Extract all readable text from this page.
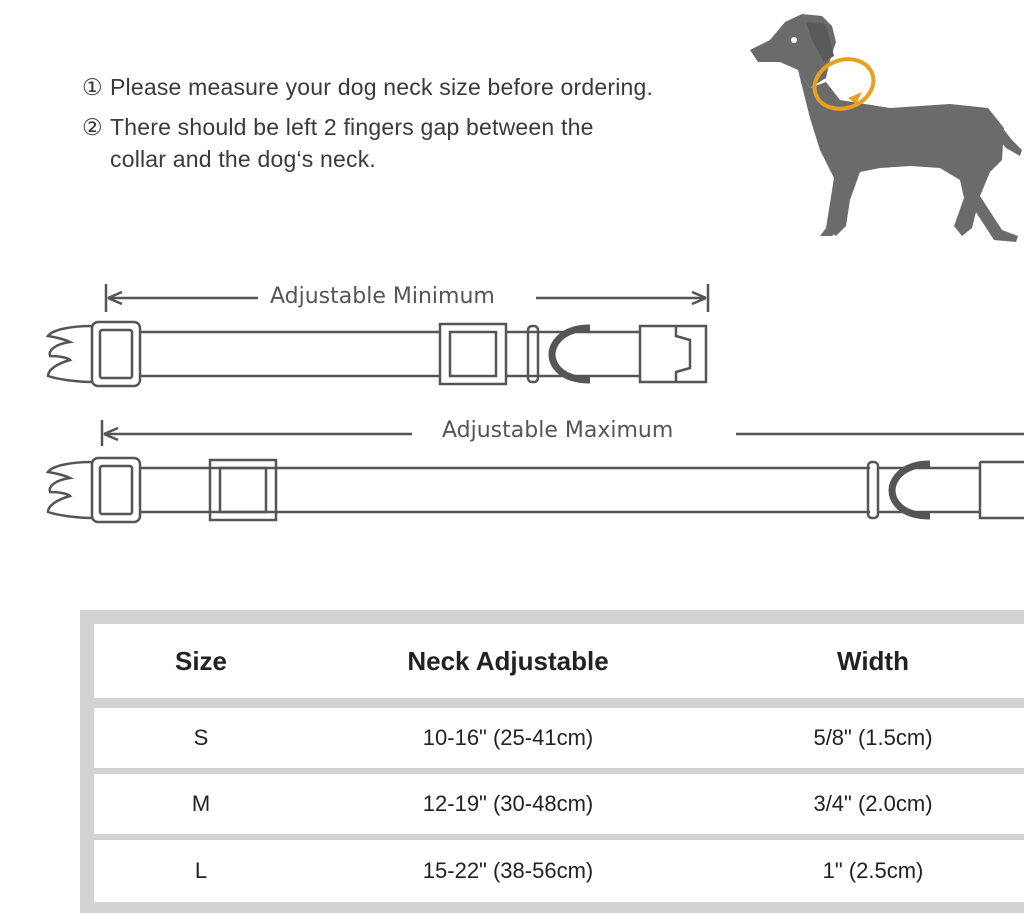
① Please measure your dog neck size before ordering.
② There should be left 2 fingers gap between the
collar and the dog‘s neck.
Adjustable Minimum
Adjustable Maximum
Size	Neck Adjustable	Width
S	10-16" (25-41cm)	5/8" (1.5cm)
M	12-19" (30-48cm)	3/4" (2.0cm)
L	15-22" (38-56cm)	1" (2.5cm)
